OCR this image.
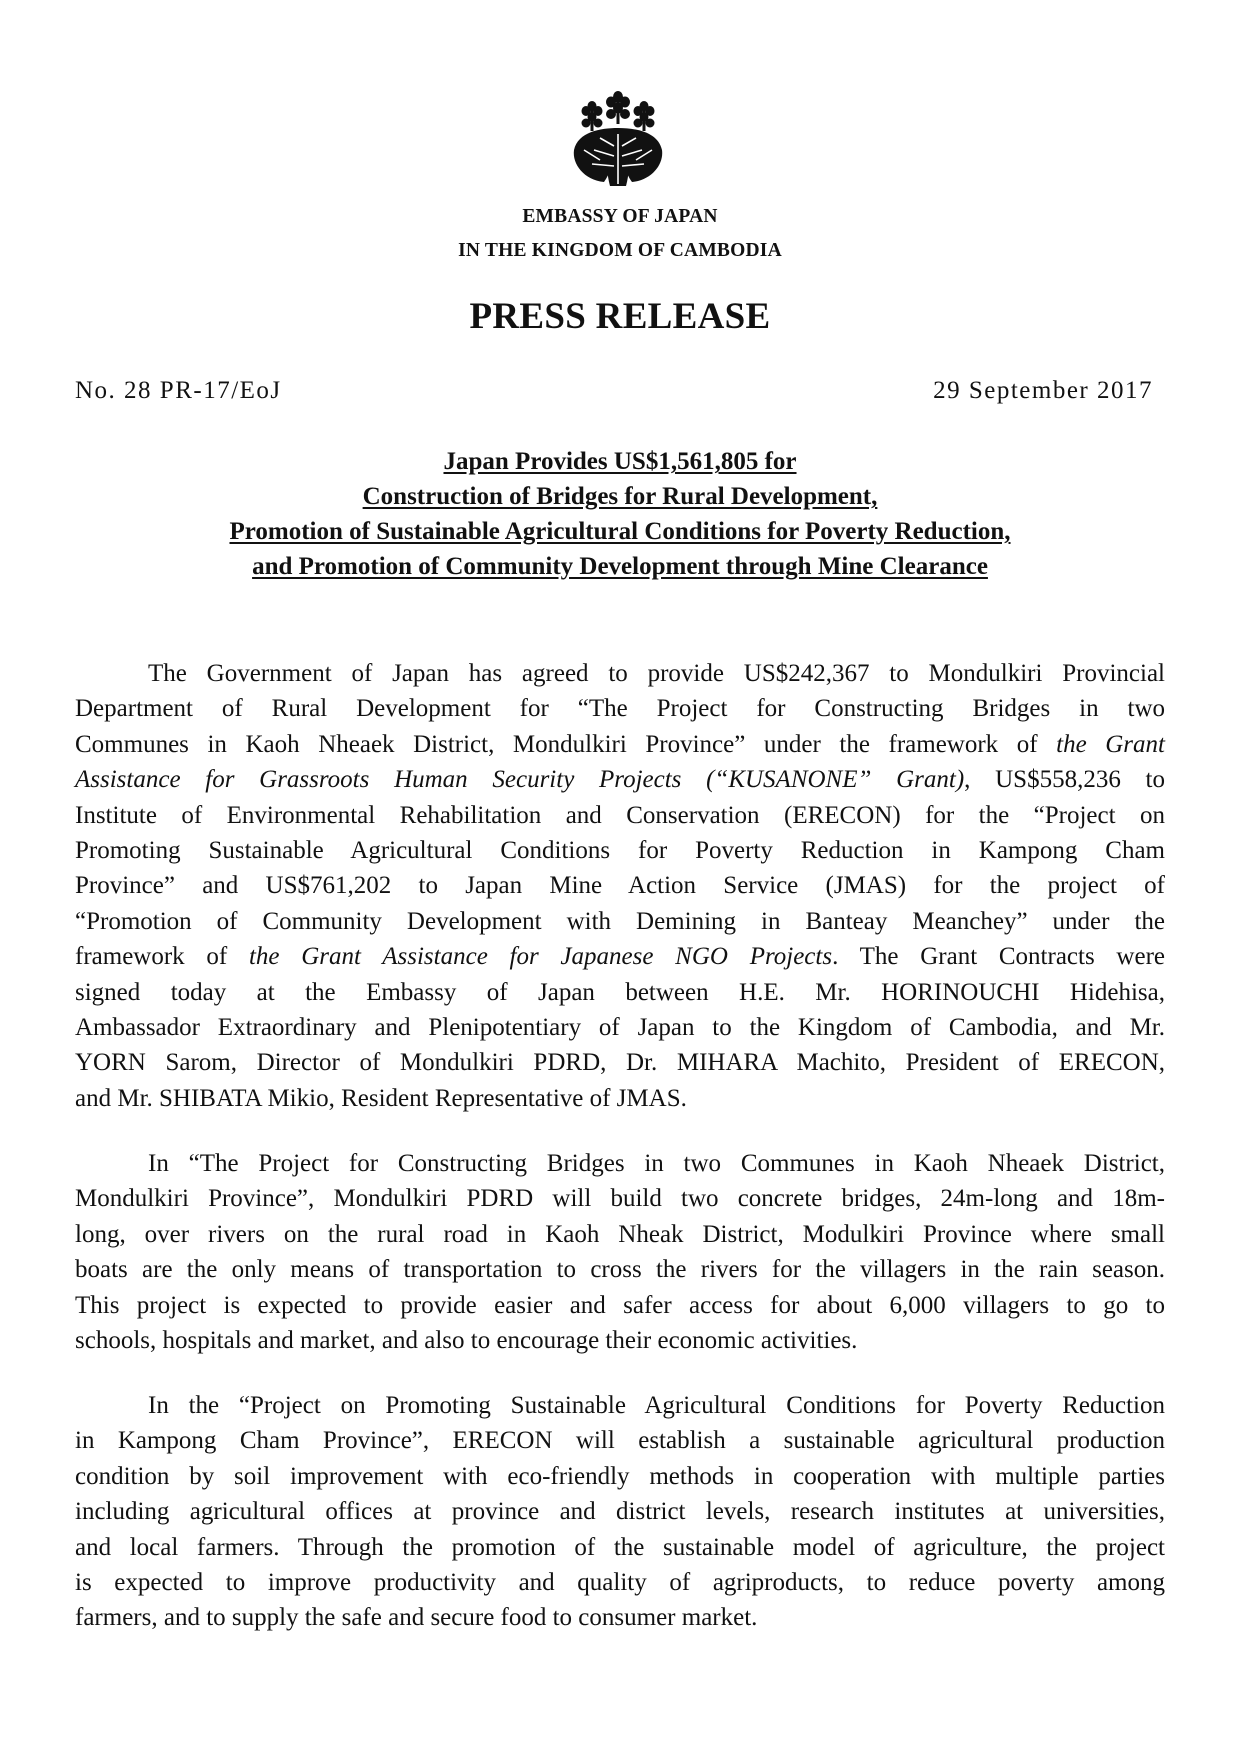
EMBASSY OF JAPAN
IN THE KINGDOM OF CAMBODIA
PRESS RELEASE
No. 28 PR-17/EoJ	29 September 2017
Japan Provides US$1,561,805 for
Construction of Bridges for Rural Development,
Promotion of Sustainable Agricultural Conditions for Poverty Reduction,
and Promotion of Community Development through Mine Clearance
The Government of Japan has agreed to provide US$242,367 to Mondulkiri Provincial
Department of Rural Development for “The Project for Constructing Bridges in two
Communes in Kaoh Nheaek District, Mondulkiri Province” under the framework of the Grant
Assistance for Grassroots Human Security Projects (“KUSANONE” Grant), US$558,236 to
Institute of Environmental Rehabilitation and Conservation (ERECON) for the “Project on
Promoting Sustainable Agricultural Conditions for Poverty Reduction in Kampong Cham
Province” and US$761,202 to Japan Mine Action Service (JMAS) for the project of
“Promotion of Community Development with Demining in Banteay Meanchey” under the
framework of the Grant Assistance for Japanese NGO Projects. The Grant Contracts were
signed today at the Embassy of Japan between H.E. Mr. HORINOUCHI Hidehisa,
Ambassador Extraordinary and Plenipotentiary of Japan to the Kingdom of Cambodia, and Mr.
YORN Sarom, Director of Mondulkiri PDRD, Dr. MIHARA Machito, President of ERECON,
and Mr. SHIBATA Mikio, Resident Representative of JMAS.
In “The Project for Constructing Bridges in two Communes in Kaoh Nheaek District,
Mondulkiri Province”, Mondulkiri PDRD will build two concrete bridges, 24m-long and 18m-
long, over rivers on the rural road in Kaoh Nheak District, Modulkiri Province where small
boats are the only means of transportation to cross the rivers for the villagers in the rain season.
This project is expected to provide easier and safer access for about 6,000 villagers to go to
schools, hospitals and market, and also to encourage their economic activities.
In the “Project on Promoting Sustainable Agricultural Conditions for Poverty Reduction
in Kampong Cham Province”, ERECON will establish a sustainable agricultural production
condition by soil improvement with eco-friendly methods in cooperation with multiple parties
including agricultural offices at province and district levels, research institutes at universities,
and local farmers. Through the promotion of the sustainable model of agriculture, the project
is expected to improve productivity and quality of agriproducts, to reduce poverty among
farmers, and to supply the safe and secure food to consumer market.
